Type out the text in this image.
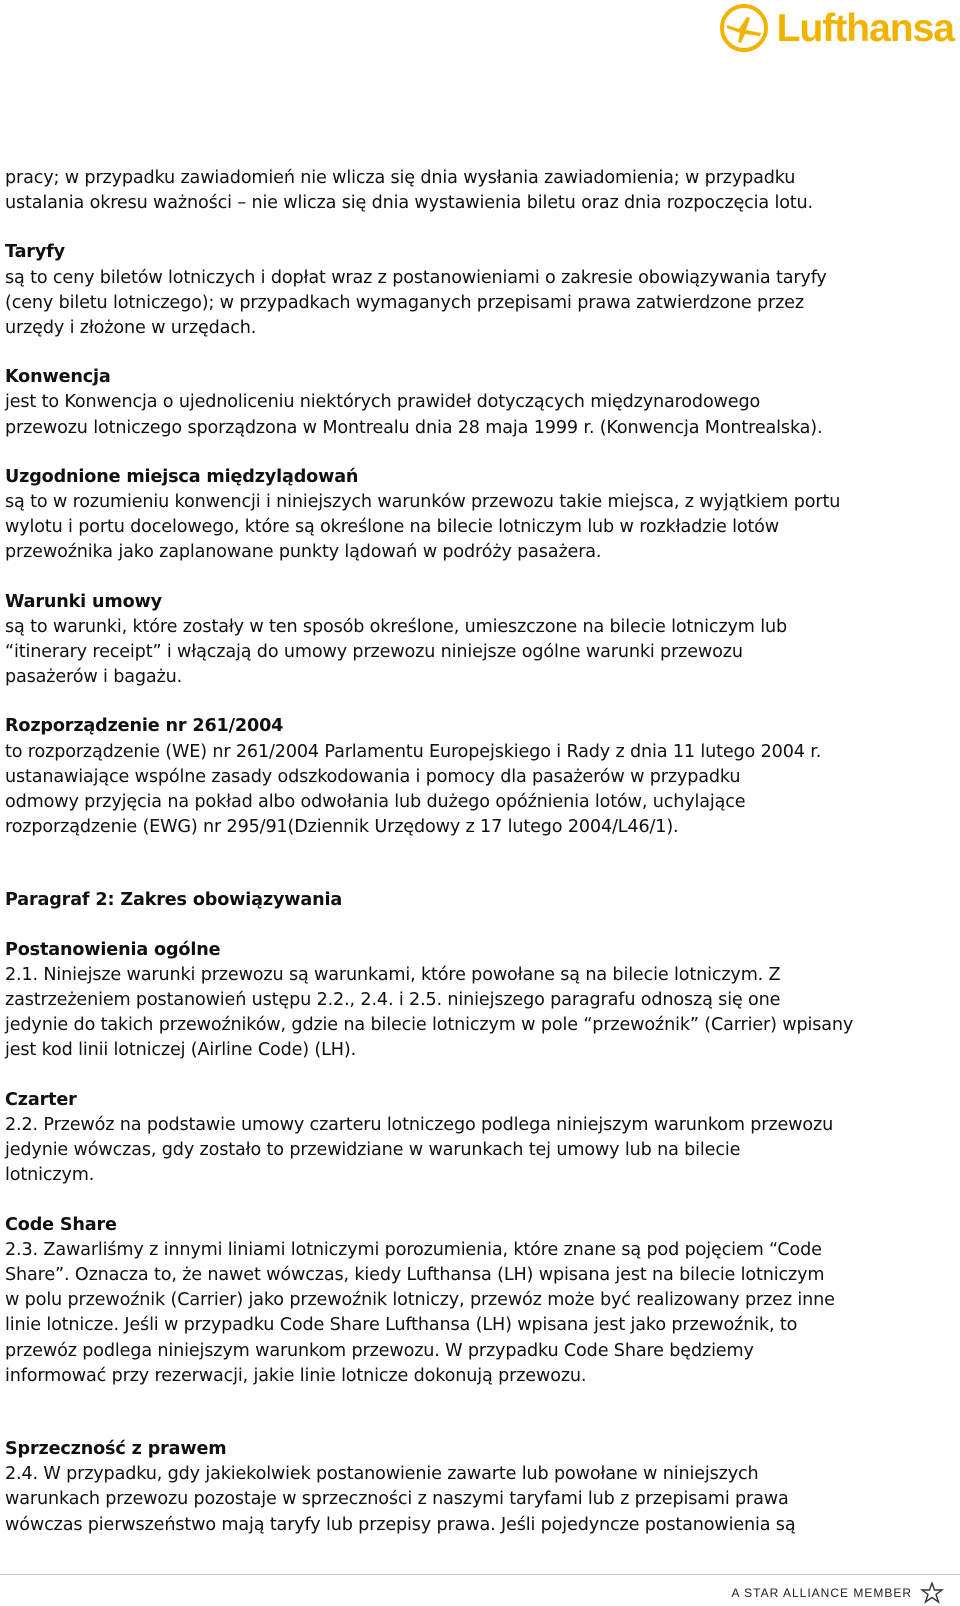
Lufthansa

pracy; w przypadku zawiadomień nie wlicza się dnia wysłania zawiadomienia; w przypadku
ustalania okresu ważności – nie wlicza się dnia wystawienia biletu oraz dnia rozpoczęcia lotu.

Taryfy

są to ceny biletów lotniczych i dopłat wraz z postanowieniami o zakresie obowiązywania taryfy
(ceny biletu lotniczego); w przypadkach wymaganych przepisami prawa zatwierdzone przez
urzędy i złożone w urzędach.

Konwencja

jest to Konwencja o ujednoliceniu niektórych prawideł dotyczących międzynarodowego
przewozu lotniczego sporządzona w Montrealu dnia 28 maja 1999 r. (Konwencja Montrealska).

Uzgodnione miejsca międzylądowań

są to w rozumieniu konwencji i niniejszych warunków przewozu takie miejsca, z wyjątkiem portu
wylotu i portu docelowego, które są określone na bilecie lotniczym lub w rozkładzie lotów
przewoźnika jako zaplanowane punkty lądowań w podróży pasażera.

Warunki umowy

są to warunki, które zostały w ten sposób określone, umieszczone na bilecie lotniczym lub
“itinerary receipt” i włączają do umowy przewozu niniejsze ogólne warunki przewozu
pasażerów i bagażu.

Rozporządzenie nr 261/2004

to rozporządzenie (WE) nr 261/2004 Parlamentu Europejskiego i Rady z dnia 11 lutego 2004 r.
ustanawiające wspólne zasady odszkodowania i pomocy dla pasażerów w przypadku
odmowy przyjęcia na pokład albo odwołania lub dużego opóźnienia lotów, uchylające
rozporządzenie (EWG) nr 295/91(Dziennik Urzędowy z 17 lutego 2004/L46/1).

Paragraf 2: Zakres obowiązywania

Postanowienia ogólne

2.1. Niniejsze warunki przewozu są warunkami, które powołane są na bilecie lotniczym. Z
zastrzeżeniem postanowień ustępu 2.2., 2.4. i 2.5. niniejszego paragrafu odnoszą się one
jedynie do takich przewoźników, gdzie na bilecie lotniczym w pole “przewoźnik” (Carrier) wpisany
jest kod linii lotniczej (Airline Code) (LH).

Czarter

2.2. Przewóz na podstawie umowy czarteru lotniczego podlega niniejszym warunkom przewozu
jedynie wówczas, gdy zostało to przewidziane w warunkach tej umowy lub na bilecie
lotniczym.

Code Share

2.3. Zawarliśmy z innymi liniami lotniczymi porozumienia, które znane są pod pojęciem “Code
Share”. Oznacza to, że nawet wówczas, kiedy Lufthansa (LH) wpisana jest na bilecie lotniczym
w polu przewoźnik (Carrier) jako przewoźnik lotniczy, przewóz może być realizowany przez inne
linie lotnicze. Jeśli w przypadku Code Share Lufthansa (LH) wpisana jest jako przewoźnik, to
przewóz podlega niniejszym warunkom przewozu. W przypadku Code Share będziemy
informować przy rezerwacji, jakie linie lotnicze dokonują przewozu.

Sprzeczność z prawem

2.4. W przypadku, gdy jakiekolwiek postanowienie zawarte lub powołane w niniejszych
warunkach przewozu pozostaje w sprzeczności z naszymi taryfami lub z przepisami prawa
wówczas pierwszeństwo mają taryfy lub przepisy prawa. Jeśli pojedyncze postanowienia są

A STAR ALLIANCE MEMBER
